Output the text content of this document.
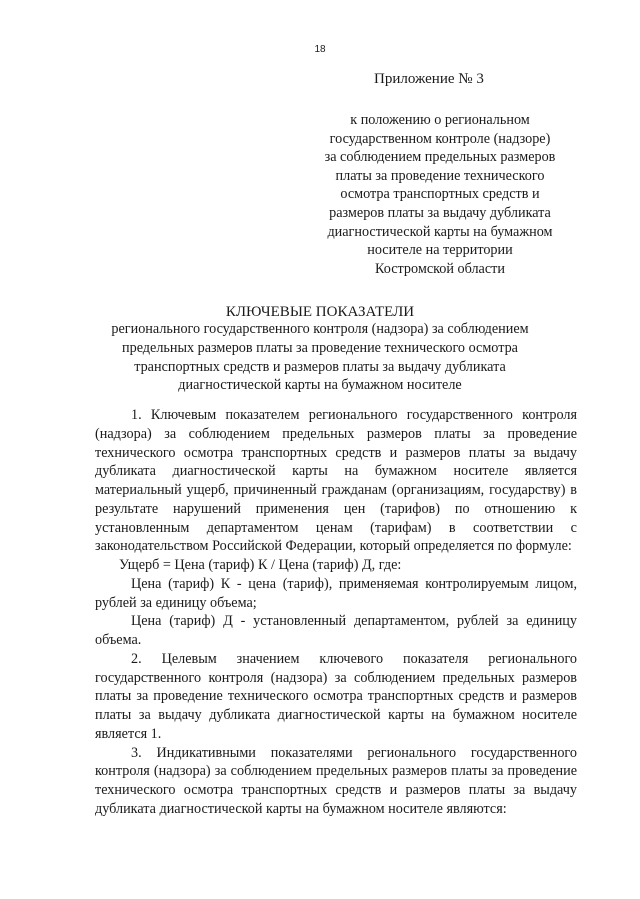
18
Приложение № 3
к положению о региональном
государственном контроле (надзоре)
за соблюдением предельных размеров
платы за проведение технического
осмотра транспортных средств и
размеров платы за выдачу дубликата
диагностической карты на бумажном
носителе на территории
Костромской области
КЛЮЧЕВЫЕ ПОКАЗАТЕЛИ
регионального государственного контроля (надзора) за соблюдением
предельных размеров платы за проведение технического осмотра
транспортных средств и размеров платы за выдачу дубликата
диагностической карты на бумажном носителе

1. Ключевым показателем регионального государственного контроля (надзора) за соблюдением предельных размеров платы за проведение технического осмотра транспортных средств и размеров платы за выдачу дубликата диагностической карты на бумажном носителе является материальный ущерб, причиненный гражданам (организациям, государству) в результате нарушений применения цен (тарифов) по отношению к установленным департаментом ценам (тарифам) в соответствии с законодательством Российской Федерации, который определяется по формуле:

Ущерб = Цена (тариф) К / Цена (тариф) Д, где:

Цена (тариф) К - цена (тариф), применяемая контролируемым лицом, рублей за единицу объема;

Цена (тариф) Д - установленный департаментом, рублей за единицу объема.

2. Целевым значением ключевого показателя регионального государственного контроля (надзора) за соблюдением предельных размеров платы за проведение технического осмотра транспортных средств и размеров платы за выдачу дубликата диагностической карты на бумажном носителе является 1.

3. Индикативными показателями регионального государственного контроля (надзора) за соблюдением предельных размеров платы за проведение технического осмотра транспортных средств и размеров платы за выдачу дубликата диагностической карты на бумажном носителе являются:
